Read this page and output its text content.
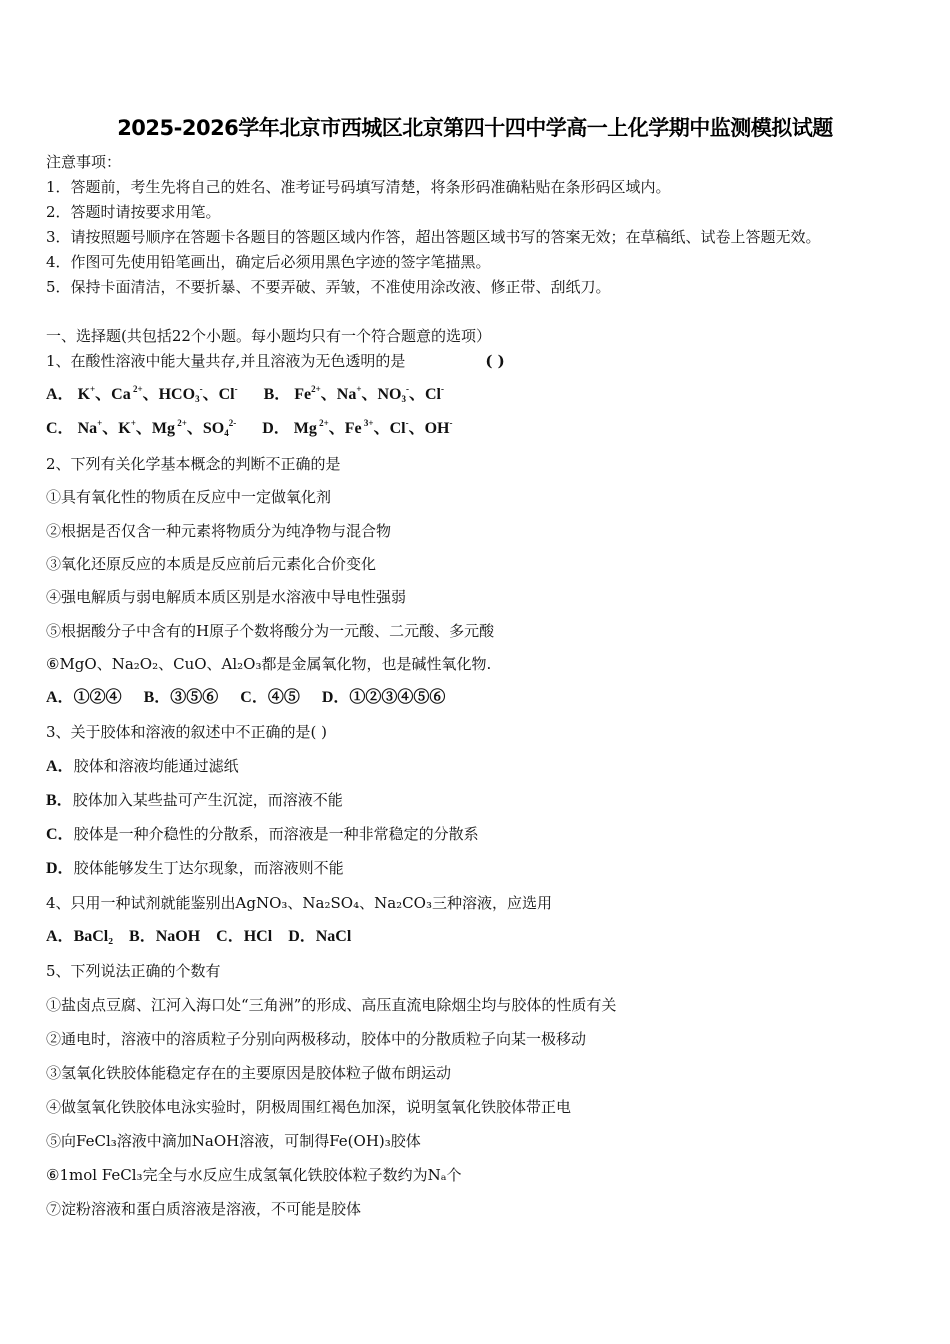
2025-2026学年北京市西城区北京第四十四中学高一上化学期中监测模拟试题
注意事项：
1．答题前，考生先将自己的姓名、准考证号码填写清楚，将条形码准确粘贴在条形码区域内。
2．答题时请按要求用笔。
3．请按照题号顺序在答题卡各题目的答题区域内作答，超出答题区域书写的答案无效；在草稿纸、试卷上答题无效。
4．作图可先使用铅笔画出，确定后必须用黑色字迹的签字笔描黑。
5．保持卡面清洁，不要折暴、不要弄破、弄皱，不准使用涂改液、修正带、刮纸刀。
一、选择题(共包括22个小题。每小题均只有一个符合题意的选项）
1、在酸性溶液中能大量共存,并且溶液为无色透明的是	( )
A． K+、Ca $^{2+}$、$HCO_3^-$、Cl- B． $Fe^{2+}$、Na+、$NO_3^-$、Cl-
C． Na+、K+、Mg $^{2+}$、$SO_4^{2-}$ D． Mg $^{2+}$、Fe $^{3+}$、Cl-、OH-
2、下列有关化学基本概念的判断不正确的是
①具有氧化性的物质在反应中一定做氧化剂
②根据是否仅含一种元素将物质分为纯净物与混合物
③氧化还原反应的本质是反应前后元素化合价变化
④强电解质与弱电解质本质区别是水溶液中导电性强弱
⑤根据酸分子中含有的H原子个数将酸分为一元酸、二元酸、多元酸
⑥MgO、Na₂O₂、CuO、Al₂O₃都是金属氧化物，也是碱性氧化物.
A．①②④ B．③⑤⑥ C．④⑤ D．①②③④⑤⑥
3、关于胶体和溶液的叙述中不正确的是( )
A．胶体和溶液均能通过滤纸
B．胶体加入某些盐可产生沉淀，而溶液不能
C．胶体是一种介稳性的分散系，而溶液是一种非常稳定的分散系
D．胶体能够发生丁达尔现象，而溶液则不能
4、只用一种试剂就能鉴别出AgNO₃、Na₂SO₄、Na₂CO₃三种溶液，应选用
A．BaCl₂ B．NaOH C．HCl D．NaCl
5、下列说法正确的个数有
①盐卤点豆腐、江河入海口处“三角洲”的形成、高压直流电除烟尘均与胶体的性质有关
②通电时，溶液中的溶质粒子分别向两极移动，胶体中的分散质粒子向某一极移动
③氢氧化铁胶体能稳定存在的主要原因是胶体粒子做布朗运动
④做氢氧化铁胶体电泳实验时，阴极周围红褐色加深，说明氢氧化铁胶体带正电
⑤向FeCl₃溶液中滴加NaOH溶液，可制得Fe(OH)₃胶体
⑥1mol FeCl₃完全与水反应生成氢氧化铁胶体粒子数约为Nₐ个
⑦淀粉溶液和蛋白质溶液是溶液，不可能是胶体
